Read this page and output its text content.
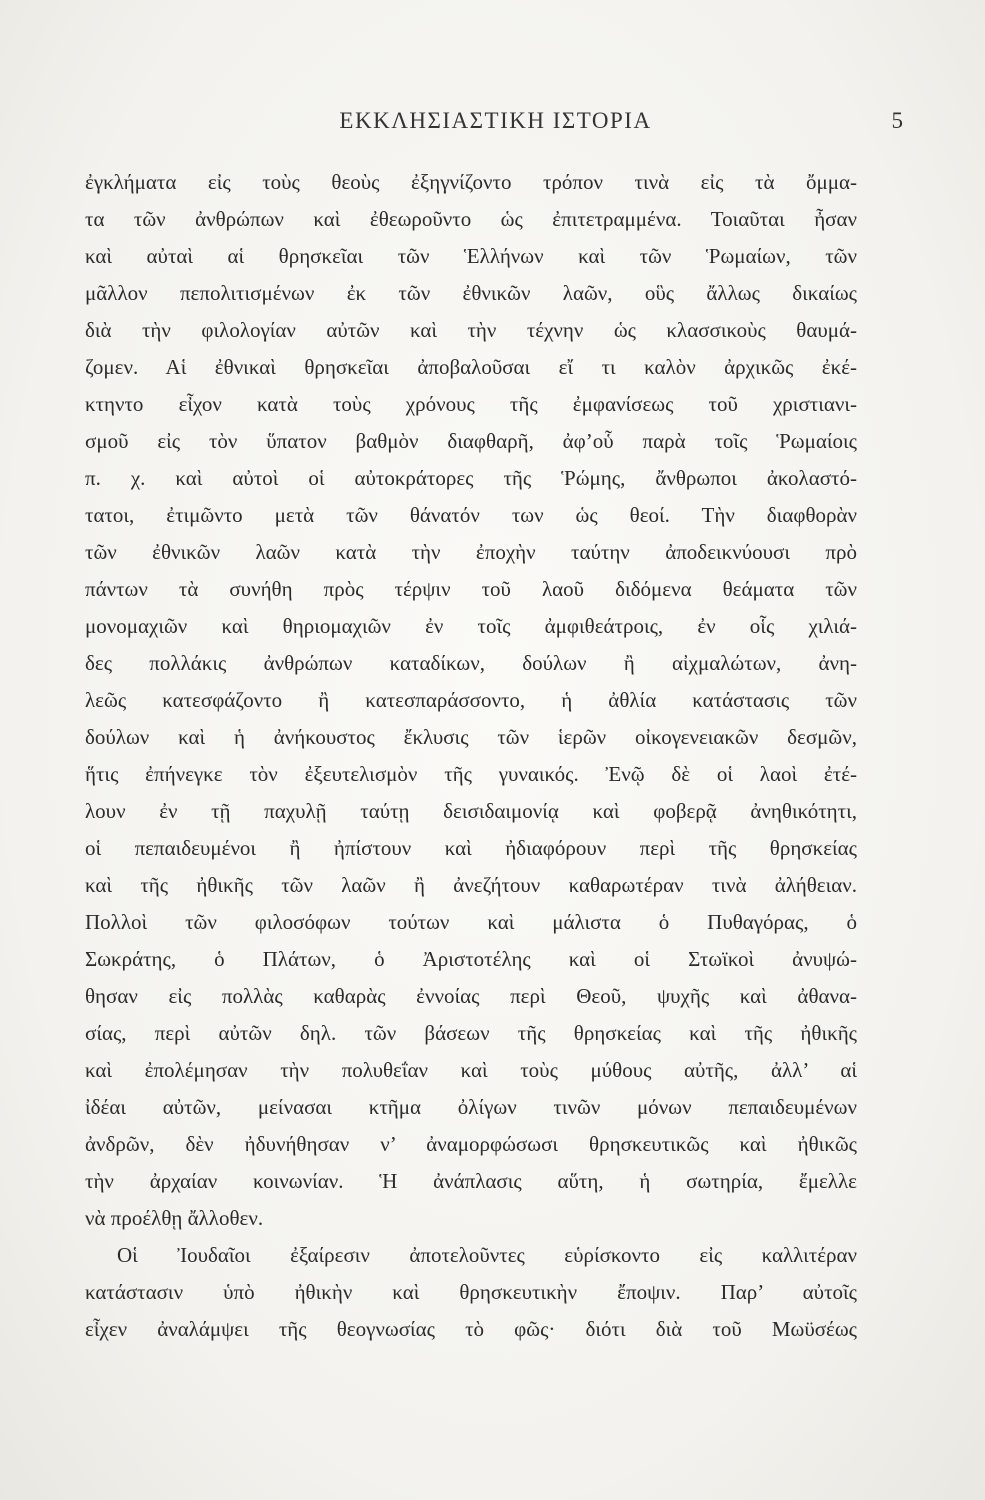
ΕΚΚΛΗΣΙΑΣΤΙΚΗ ΙΣΤΟΡΙΑ	5
ἐγκλήματα εἰς τοὺς θεοὺς ἐξηγνίζοντο τρόπον τινὰ εἰς τὰ ὄμμα-
τα τῶν ἀνθρώπων καὶ ἐθεωροῦντο ὡς ἐπιτετραμμένα. Τοιαῦται ἦσαν
καὶ αὐταὶ αἱ θρησκεῖαι τῶν Ἑλλήνων καὶ τῶν Ῥωμαίων, τῶν
μᾶλλον πεπολιτισμένων ἐκ τῶν ἐθνικῶν λαῶν, οὓς ἄλλως δικαίως
διὰ τὴν φιλολογίαν αὐτῶν καὶ τὴν τέχνην ὡς κλασσικοὺς θαυμά-
ζομεν. Αἱ ἐθνικαὶ θρησκεῖαι ἀποβαλοῦσαι εἴ τι καλὸν ἀρχικῶς ἐκέ-
κτηντο εἶχον κατὰ τοὺς χρόνους τῆς ἐμφανίσεως τοῦ χριστιανι-
σμοῦ εἰς τὸν ὕπατον βαθμὸν διαφθαρῆ, ἀφ’οὗ παρὰ τοῖς Ῥωμαίοις
π. χ. καὶ αὐτοὶ οἱ αὐτοκράτορες τῆς Ῥώμης, ἄνθρωποι ἀκολαστό-
τατοι, ἐτιμῶντο μετὰ τῶν θάνατόν των ὡς θεοί. Τὴν διαφθορὰν
τῶν ἐθνικῶν λαῶν κατὰ τὴν ἐποχὴν ταύτην ἀποδεικνύουσι πρὸ
πάντων τὰ συνήθη πρὸς τέρψιν τοῦ λαοῦ διδόμενα θεάματα τῶν
μονομαχιῶν καὶ θηριομαχιῶν ἐν τοῖς ἀμφιθεάτροις, ἐν οἷς χιλιά-
δες πολλάκις ἀνθρώπων καταδίκων, δούλων ἢ αἰχμαλώτων, ἀνη-
λεῶς κατεσφάζοντο ἢ κατεσπαράσσοντο, ἡ ἀθλία κατάστασις τῶν
δούλων καὶ ἡ ἀνήκουστος ἔκλυσις τῶν ἱερῶν οἰκογενειακῶν δεσμῶν,
ἥτις ἐπήνεγκε τὸν ἐξευτελισμὸν τῆς γυναικός. Ἐνῷ δὲ οἱ λαοὶ ἐτέ-
λουν ἐν τῇ παχυλῇ ταύτῃ δεισιδαιμονίᾳ καὶ φοβερᾷ ἀνηθικότητι,
οἱ πεπαιδευμένοι ἢ ἠπίστουν καὶ ἠδιαφόρουν περὶ τῆς θρησκείας
καὶ τῆς ἠθικῆς τῶν λαῶν ἢ ἀνεζήτουν καθαρωτέραν τινὰ ἀλήθειαν.
Πολλοὶ τῶν φιλοσόφων τούτων καὶ μάλιστα ὁ Πυθαγόρας, ὁ
Σωκράτης, ὁ Πλάτων, ὁ Ἀριστοτέλης καὶ οἱ Στωϊκοὶ ἀνυψώ-
θησαν εἰς πολλὰς καθαρὰς ἐννοίας περὶ Θεοῦ, ψυχῆς καὶ ἀθανα-
σίας, περὶ αὐτῶν δηλ. τῶν βάσεων τῆς θρησκείας καὶ τῆς ἠθικῆς
καὶ ἐπολέμησαν τὴν πολυθεΐαν καὶ τοὺς μύθους αὐτῆς, ἀλλ’ αἱ
ἰδέαι αὐτῶν, μείνασαι κτῆμα ὀλίγων τινῶν μόνων πεπαιδευμένων
ἀνδρῶν, δὲν ἠδυνήθησαν ν’ ἀναμορφώσωσι θρησκευτικῶς καὶ ἠθικῶς
τὴν ἀρχαίαν κοινωνίαν. Ἡ ἀνάπλασις αὕτη, ἡ σωτηρία, ἔμελλε
νὰ προέλθῃ ἄλλοθεν.
Οἱ Ἰουδαῖοι ἐξαίρεσιν ἀποτελοῦντες εὑρίσκοντο εἰς καλλιτέραν
κατάστασιν ὑπὸ ἠθικὴν καὶ θρησκευτικὴν ἔποψιν. Παρ’ αὐτοῖς
εἶχεν ἀναλάμψει τῆς θεογνωσίας τὸ φῶς· διότι διὰ τοῦ Μωϋσέως
